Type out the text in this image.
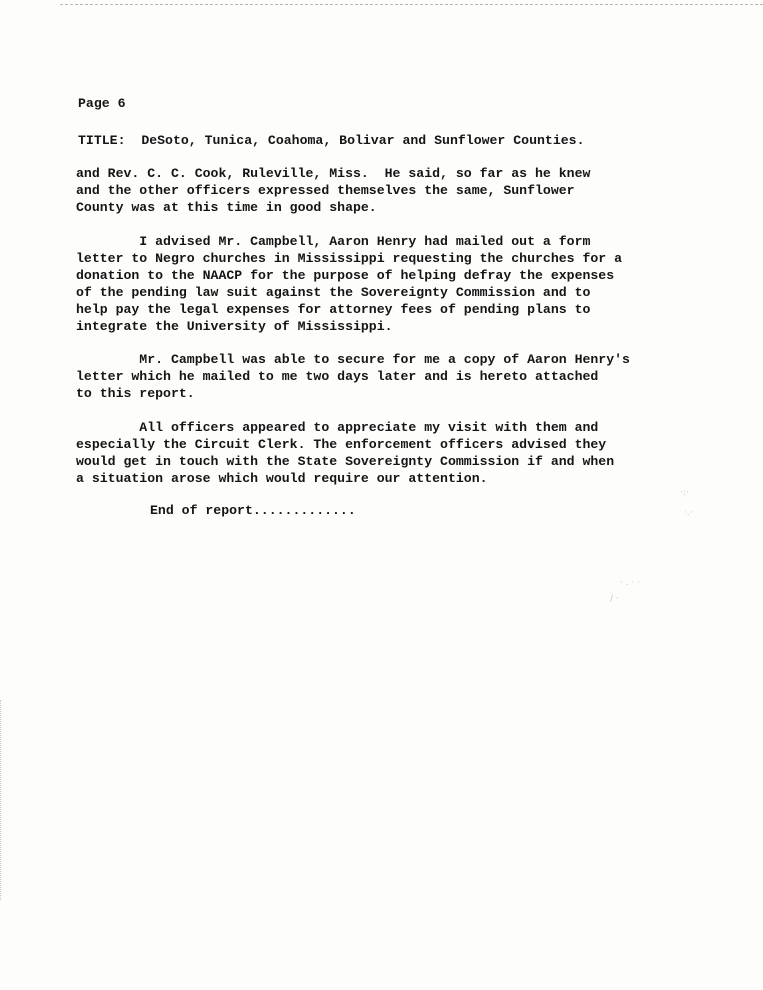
Page 6
TITLE: DeSoto, Tunica, Coahoma, Bolivar and Sunflower Counties.
and Rev. C. C. Cook, Ruleville, Miss.  He said, so far as he knew
and the other officers expressed themselves the same, Sunflower
County was at this time in good shape.
I advised Mr. Campbell, Aaron Henry had mailed out a form
letter to Negro churches in Mississippi requesting the churches for a
donation to the NAACP for the purpose of helping defray the expenses
of the pending law suit against the Sovereignty Commission and to
help pay the legal expenses for attorney fees of pending plans to
integrate the University of Mississippi.
Mr. Campbell was able to secure for me a copy of Aaron Henry's
letter which he mailed to me two days later and is hereto attached
to this report.
All officers appeared to appreciate my visit with them and
especially the Circuit Clerk. The enforcement officers advised they
would get in touch with the State Sovereignty Commission if and when
a situation arose which would require our attention.
End of report.............
·:·
·.·
· . · ·
/ ·
